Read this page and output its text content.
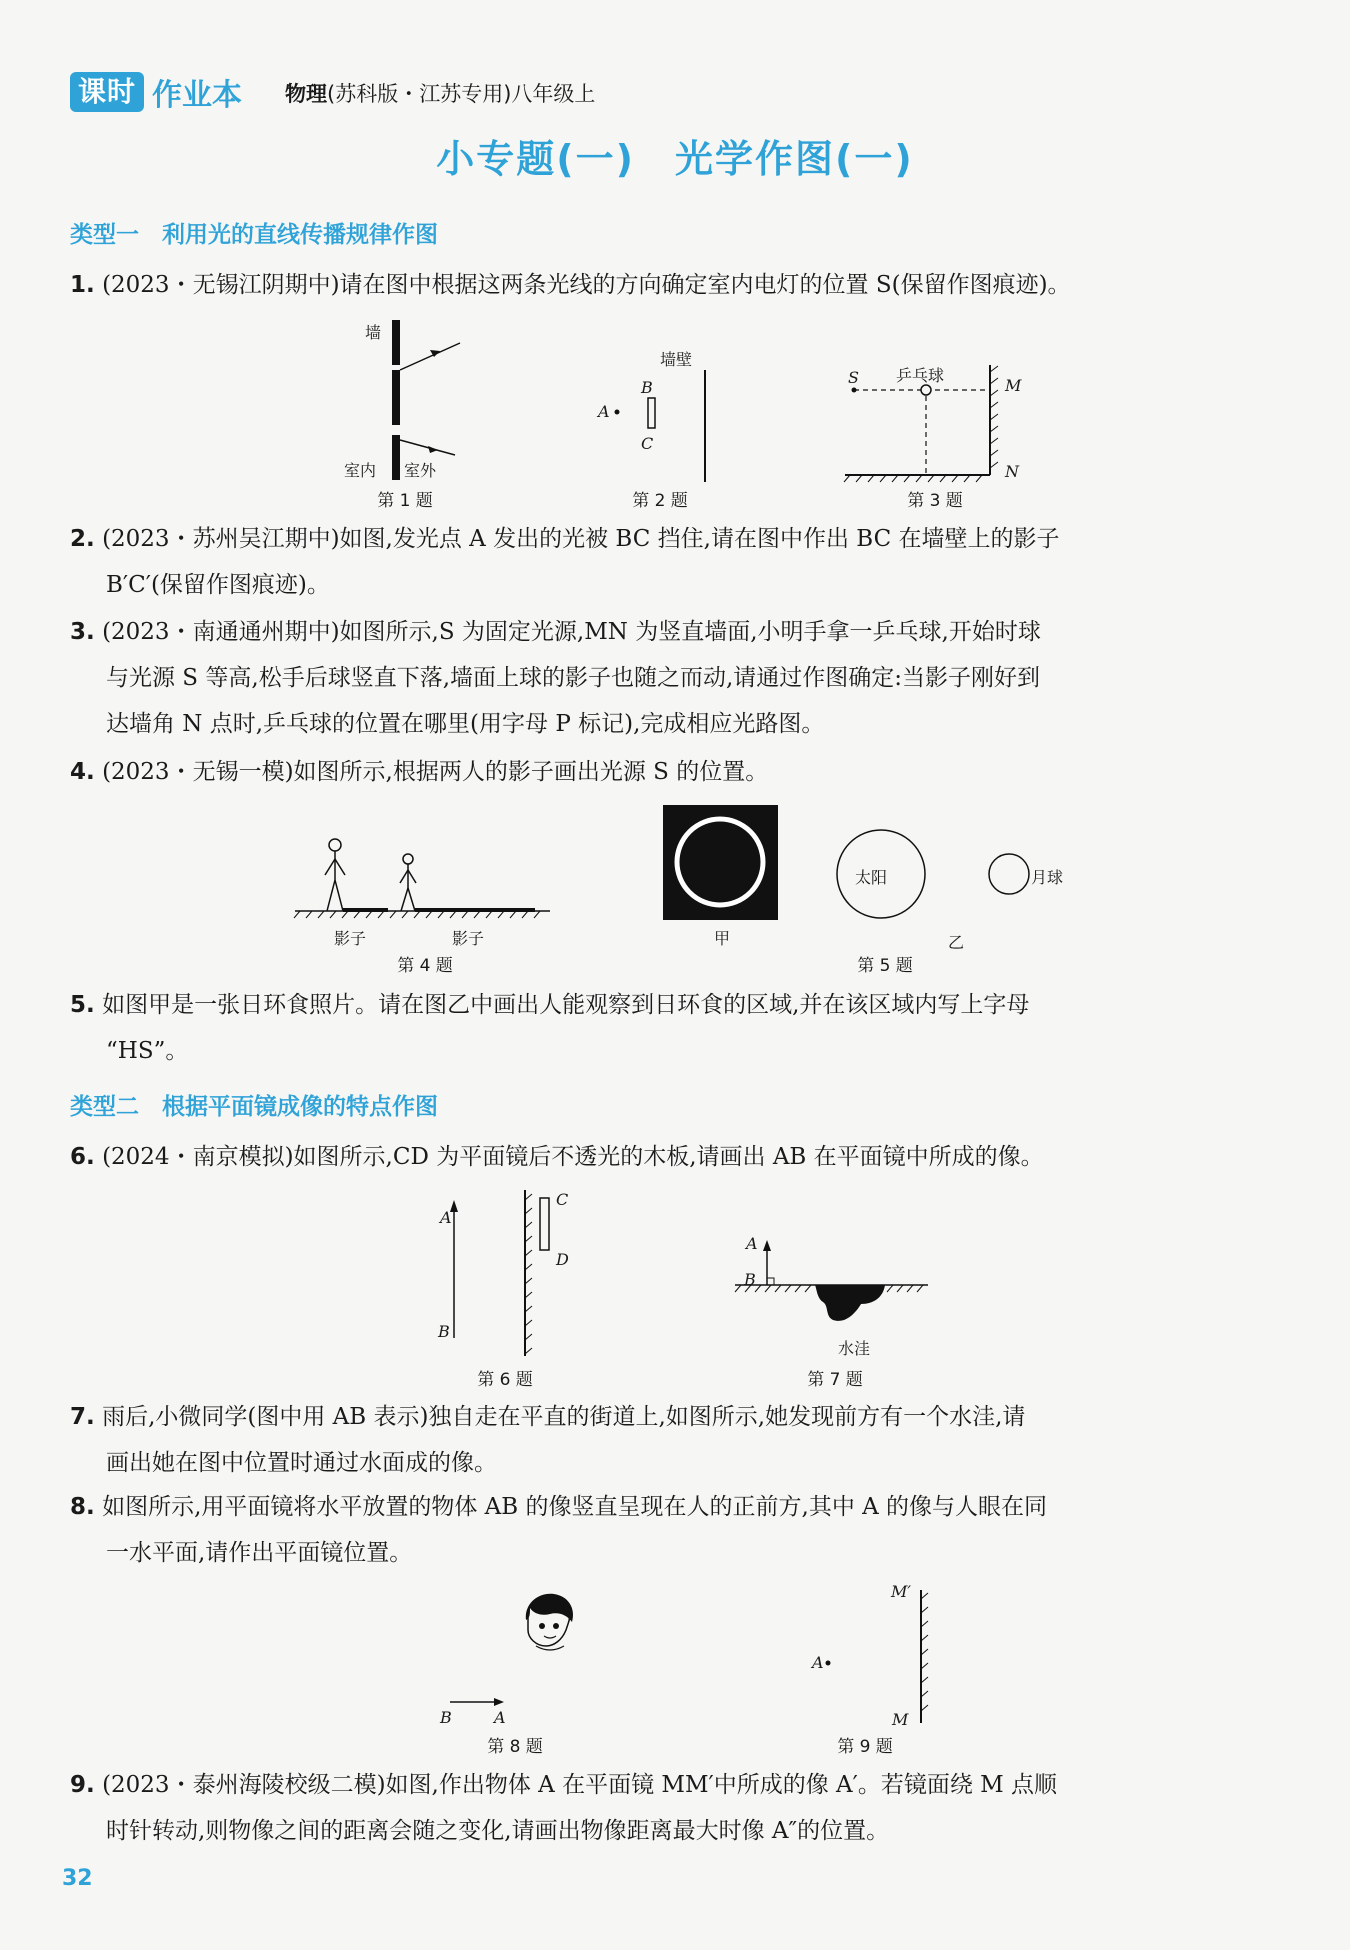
课时 作业本 物理(苏科版・江苏专用)八年级上
小专题(一)　光学作图(一)
类型一　利用光的直线传播规律作图
1. (2023・无锡江阴期中)请在图中根据这两条光线的方向确定室内电灯的位置 S(保留作图痕迹)。
墙
室内 室外
第 1 题
墙壁
A
B
C
第 2 题
S 乒乓球
M
N
第 3 题
2. (2023・苏州吴江期中)如图,发光点 A 发出的光被 BC 挡住,请在图中作出 BC 在墙壁上的影子
B′C′(保留作图痕迹)。
3. (2023・南通通州期中)如图所示,S 为固定光源,MN 为竖直墙面,小明手拿一乒乓球,开始时球
与光源 S 等高,松手后球竖直下落,墙面上球的影子也随之而动,请通过作图确定:当影子刚好到
达墙角 N 点时,乒乓球的位置在哪里(用字母 P 标记),完成相应光路图。
4. (2023・无锡一模)如图所示,根据两人的影子画出光源 S 的位置。
影子	影子
第 4 题
太阳	月球
甲	乙
第 5 题
5. 如图甲是一张日环食照片。请在图乙中画出人能观察到日环食的区域,并在该区域内写上字母
“HS”。
类型二　根据平面镜成像的特点作图
6. (2024・南京模拟)如图所示,CD 为平面镜后不透光的木板,请画出 AB 在平面镜中所成的像。
A
B
C
D
第 6 题
A
B
水洼
第 7 题
7. 雨后,小微同学(图中用 AB 表示)独自走在平直的街道上,如图所示,她发现前方有一个水洼,请
画出她在图中位置时通过水面成的像。
8. 如图所示,用平面镜将水平放置的物体 AB 的像竖直呈现在人的正前方,其中 A 的像与人眼在同
一水平面,请作出平面镜位置。
B	A
第 8 题
A
M′
M
第 9 题
9. (2023・泰州海陵校级二模)如图,作出物体 A 在平面镜 MM′中所成的像 A′。若镜面绕 M 点顺
时针转动,则物像之间的距离会随之变化,请画出物像距离最大时像 A″的位置。
32
